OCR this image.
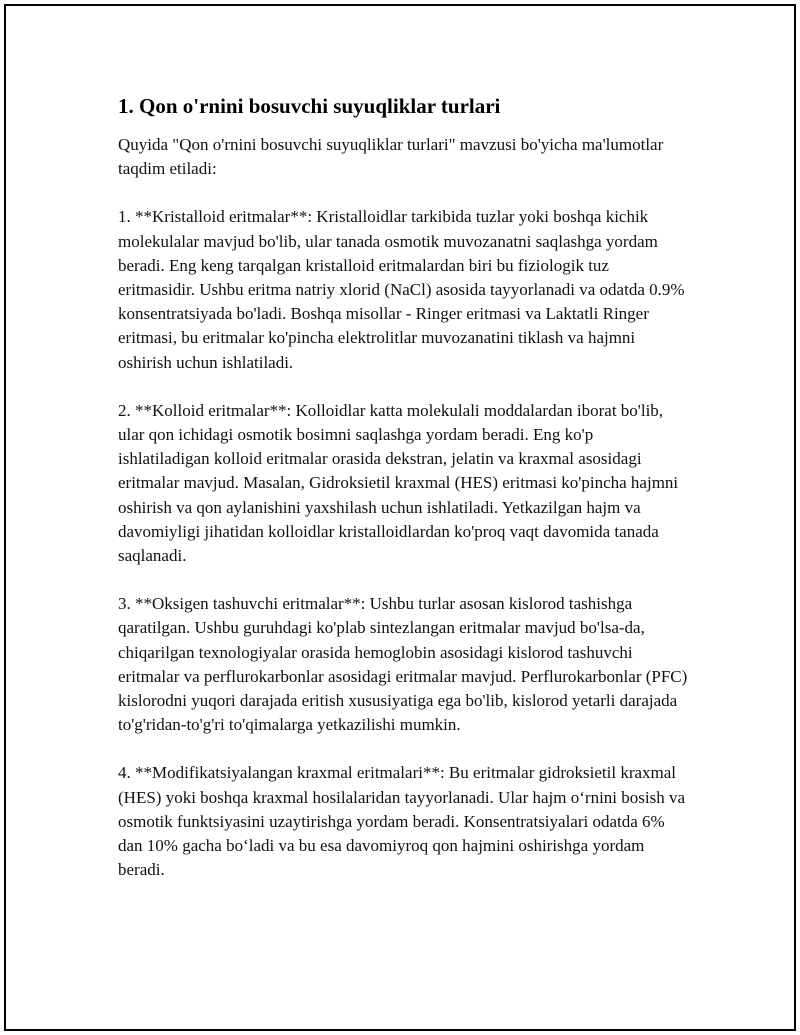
1. Qon o'rnini bosuvchi suyuqliklar turlari

Quyida "Qon o'rnini bosuvchi suyuqliklar turlari" mavzusi bo'yicha ma'lumotlar taqdim etiladi:

1. **Kristalloid eritmalar**: Kristalloidlar tarkibida tuzlar yoki boshqa kichik molekulalar mavjud bo'lib, ular tanada osmotik muvozanatni saqlashga yordam beradi. Eng keng tarqalgan kristalloid eritmalardan biri bu fiziologik tuz eritmasidir. Ushbu eritma natriy xlorid (NaCl) asosida tayyorlanadi va odatda 0.9% konsentratsiyada bo'ladi. Boshqa misollar - Ringer eritmasi va Laktatli Ringer eritmasi, bu eritmalar ko'pincha elektrolitlar muvozanatini tiklash va hajmni oshirish uchun ishlatiladi.

2. **Kolloid eritmalar**: Kolloidlar katta molekulali moddalardan iborat bo'lib, ular qon ichidagi osmotik bosimni saqlashga yordam beradi. Eng ko'p ishlatiladigan kolloid eritmalar orasida dekstran, jelatin va kraxmal asosidagi eritmalar mavjud. Masalan, Gidroksietil kraxmal (HES) eritmasi ko'pincha hajmni oshirish va qon aylanishini yaxshilash uchun ishlatiladi. Yetkazilgan hajm va davomiyligi jihatidan kolloidlar kristalloidlardan ko'proq vaqt davomida tanada saqlanadi.

3. **Oksigen tashuvchi eritmalar**: Ushbu turlar asosan kislorod tashishga qaratilgan. Ushbu guruhdagi ko'plab sintezlangan eritmalar mavjud bo'lsa-da, chiqarilgan texnologiyalar orasida hemoglobin asosidagi kislorod tashuvchi eritmalar va perflurokarbonlar asosidagi eritmalar mavjud. Perflurokarbonlar (PFC) kislorodni yuqori darajada eritish xususiyatiga ega bo'lib, kislorod yetarli darajada to'g'ridan-to'g'ri to'qimalarga yetkazilishi mumkin.

4. **Modifikatsiyalangan kraxmal eritmalari**: Bu eritmalar gidroksietil kraxmal (HES) yoki boshqa kraxmal hosilalaridan tayyorlanadi. Ular hajm o‘rnini bosish va osmotik funktsiyasini uzaytirishga yordam beradi. Konsentratsiyalari odatda 6% dan 10% gacha bo‘ladi va bu esa davomiyroq qon hajmini oshirishga yordam beradi.
